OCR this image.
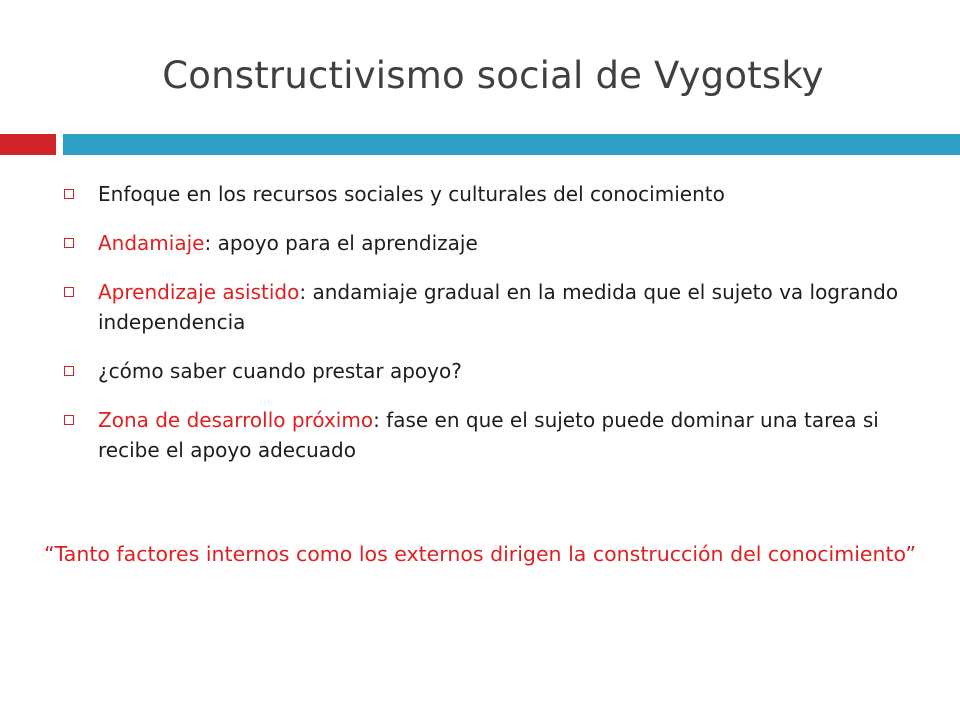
Constructivismo social de Vygotsky
Enfoque en los recursos sociales y culturales del conocimiento
Andamiaje: apoyo para el aprendizaje
Aprendizaje asistido: andamiaje gradual en la medida que el sujeto va logrando independencia
¿cómo saber cuando prestar apoyo?
Zona de desarrollo próximo: fase en que el sujeto puede dominar una tarea si recibe el apoyo adecuado
“Tanto factores internos como los externos dirigen la construcción del conocimiento”
